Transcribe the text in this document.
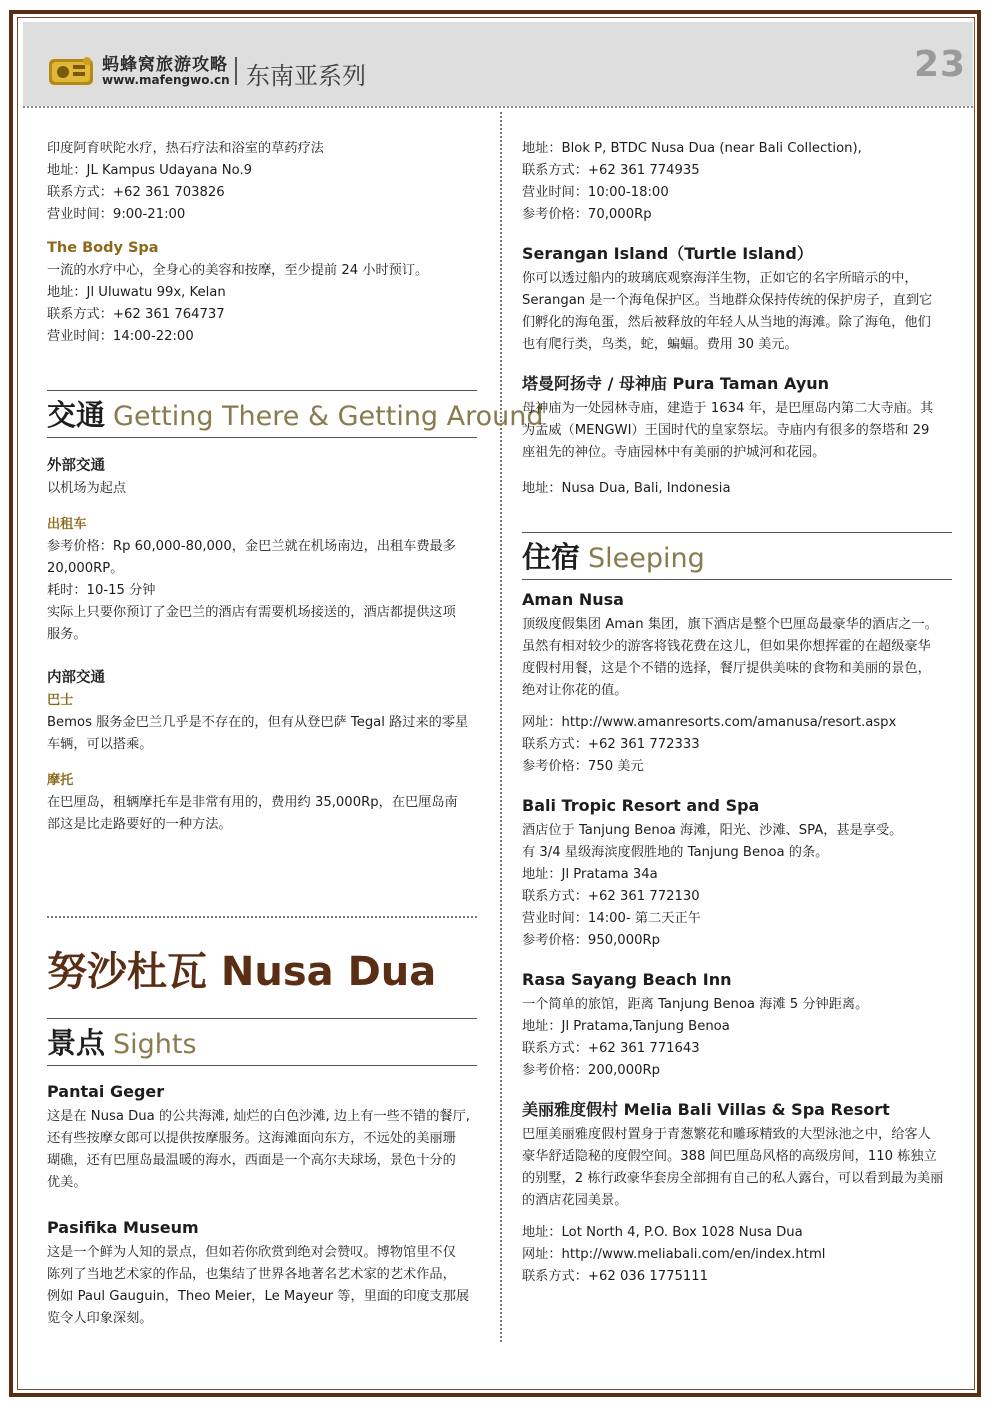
蚂蜂窝旅游攻略
www.mafengwo.cn 东南亚系列	23

印度阿育吠陀水疗，热石疗法和浴室的草药疗法

地址：JL Kampus Udayana No.9

联系方式：+62 361 703826

营业时间：9:00-21:00

The Body Spa

一流的水疗中心，全身心的美容和按摩，至少提前 24 小时预订。

地址：Jl Uluwatu 99x, Kelan

联系方式：+62 361 764737

营业时间：14:00-22:00

交通 Getting There & Getting Around

外部交通

以机场为起点

出租车

参考价格：Rp 60,000-80,000，金巴兰就在机场南边，出租车费最多

20,000RP。

耗时：10-15 分钟

实际上只要你预订了金巴兰的酒店有需要机场接送的，酒店都提供这项

服务。

内部交通

巴士

Bemos 服务金巴兰几乎是不存在的，但有从登巴萨 Tegal 路过来的零星

车辆，可以搭乘。

摩托

在巴厘岛，租辆摩托车是非常有用的，费用约 35,000Rp，在巴厘岛南

部这是比走路要好的一种方法。

努沙杜瓦 Nusa Dua

景点 Sights

Pantai Geger

这是在 Nusa Dua 的公共海滩, 灿烂的白色沙滩, 边上有一些不错的餐厅,

还有些按摩女郎可以提供按摩服务。这海滩面向东方，不远处的美丽珊

瑚礁，还有巴厘岛最温暖的海水，西面是一个高尔夫球场，景色十分的

优美。

Pasifika Museum

这是一个鲜为人知的景点，但如若你欣赏到绝对会赞叹。博物馆里不仅

陈列了当地艺术家的作品，也集结了世界各地著名艺术家的艺术作品，

例如 Paul Gauguin，Theo Meier，Le Mayeur 等，里面的印度支那展

览令人印象深刻。

地址：Blok P, BTDC Nusa Dua (near Bali Collection),

联系方式：+62 361 774935

营业时间：10:00-18:00

参考价格：70,000Rp

Serangan Island（Turtle Island）

你可以透过船内的玻璃底观察海洋生物，正如它的名字所暗示的中，

Serangan 是一个海龟保护区。当地群众保持传统的保护房子，直到它

们孵化的海龟蛋，然后被释放的年轻人从当地的海滩。除了海龟，他们

也有爬行类，鸟类，蛇，蝙蝠。费用 30 美元。

塔曼阿扬寺 / 母神庙 Pura Taman Ayun

母神庙为一处园林寺庙，建造于 1634 年，是巴厘岛内第二大寺庙。其

为孟威（MENGWI）王国时代的皇家祭坛。寺庙内有很多的祭塔和 29

座祖先的神位。寺庙园林中有美丽的护城河和花园。

地址：Nusa Dua, Bali, Indonesia

住宿 Sleeping

Aman Nusa

顶级度假集团 Aman 集团，旗下酒店是整个巴厘岛最豪华的酒店之一。

虽然有相对较少的游客将钱花费在这儿，但如果你想挥霍的在超级豪华

度假村用餐，这是个不错的选择，餐厅提供美味的食物和美丽的景色，

绝对让你花的值。

网址：http://www.amanresorts.com/amanusa/resort.aspx

联系方式：+62 361 772333

参考价格：750 美元

Bali Tropic Resort and Spa

酒店位于 Tanjung Benoa 海滩，阳光、沙滩、SPA，甚是享受。

有 3/4 星级海滨度假胜地的 Tanjung Benoa 的条。

地址：Jl Pratama 34a

联系方式：+62 361 772130

营业时间：14:00- 第二天正午

参考价格：950,000Rp

Rasa Sayang Beach Inn

一个简单的旅馆，距离 Tanjung Benoa 海滩 5 分钟距离。

地址：Jl Pratama,Tanjung Benoa

联系方式：+62 361 771643

参考价格：200,000Rp

美丽雅度假村 Melia Bali Villas & Spa Resort

巴厘美丽雅度假村置身于青葱繁花和雕琢精致的大型泳池之中，给客人

豪华舒适隐秘的度假空间。388 间巴厘岛风格的高级房间，110 栋独立

的别墅，2 栋行政豪华套房全部拥有自己的私人露台，可以看到最为美丽

的酒店花园美景。

地址：Lot North 4, P.O. Box 1028 Nusa Dua

网址：http://www.meliabali.com/en/index.html

联系方式：+62 036 1775111
